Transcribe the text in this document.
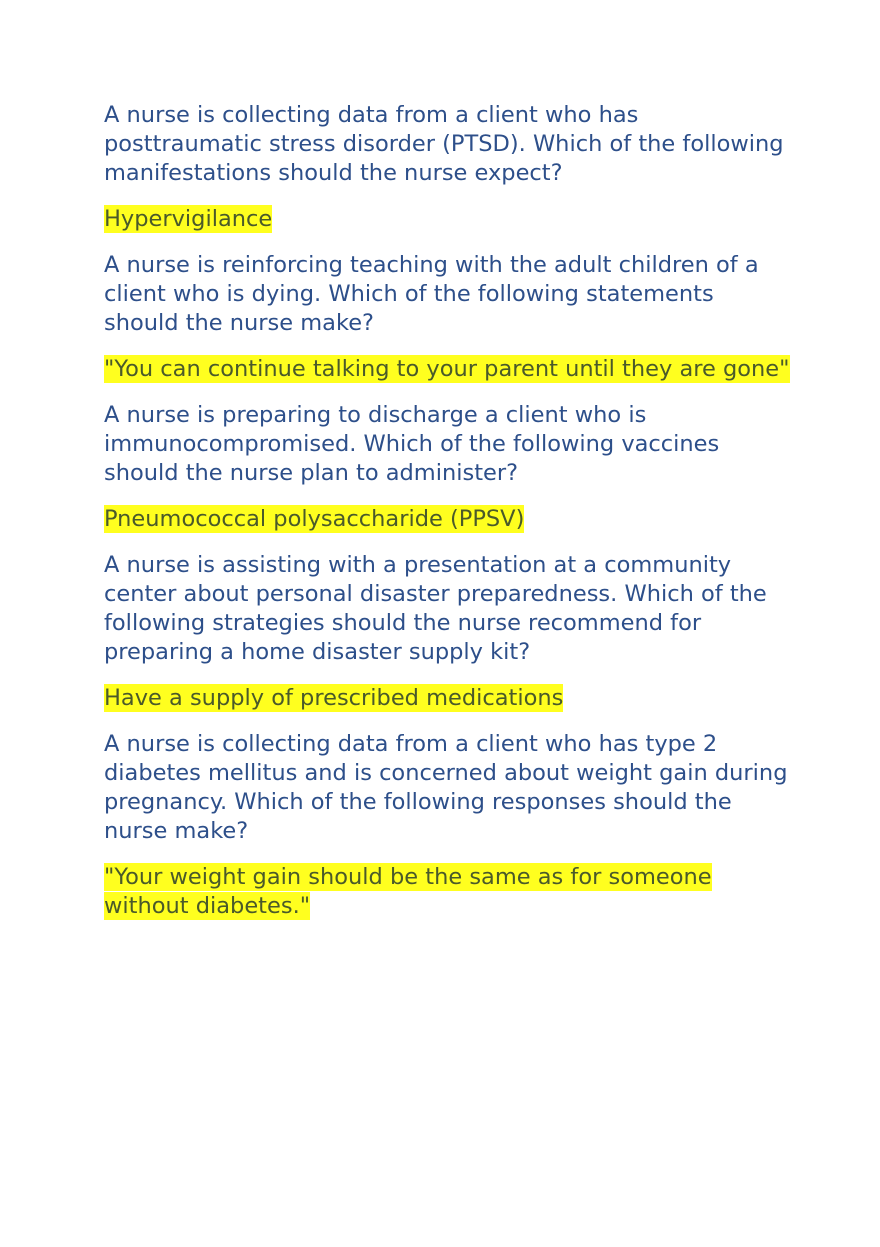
A nurse is collecting data from a client who has posttraumatic stress disorder (PTSD). Which of the following manifestations should the nurse expect?

Hypervigilance

A nurse is reinforcing teaching with the adult children of a client who is dying. Which of the following statements should the nurse make?

"You can continue talking to your parent until they are gone"

A nurse is preparing to discharge a client who is immunocompromised. Which of the following vaccines should the nurse plan to administer?

Pneumococcal polysaccharide (PPSV)

A nurse is assisting with a presentation at a community center about personal disaster preparedness. Which of the following strategies should the nurse recommend for preparing a home disaster supply kit?

Have a supply of prescribed medications

A nurse is collecting data from a client who has type 2 diabetes mellitus and is concerned about weight gain during pregnancy. Which of the following responses should the nurse make?

"Your weight gain should be the same as for someone without diabetes."
